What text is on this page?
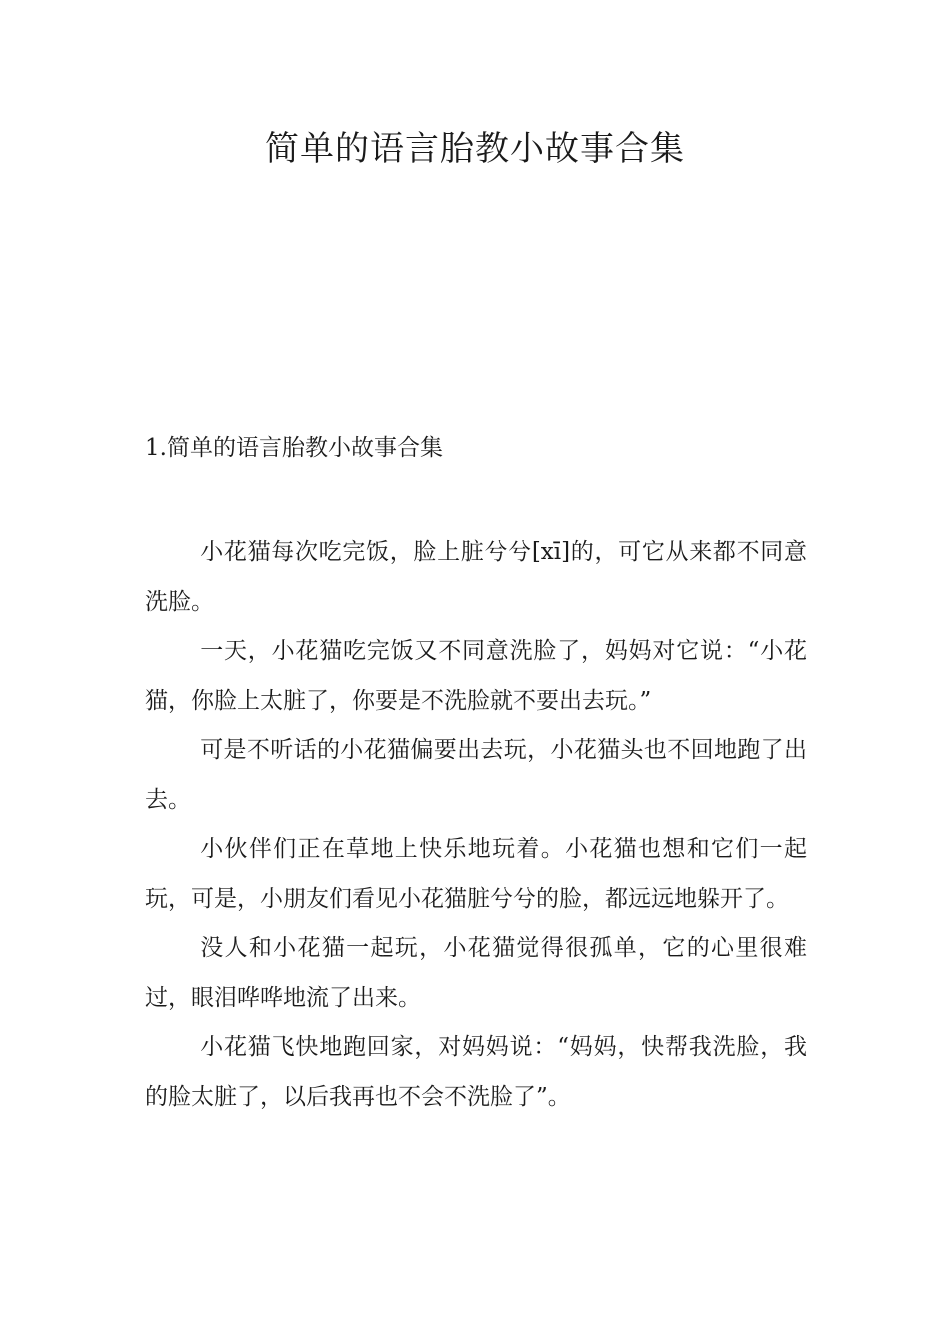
简单的语言胎教小故事合集
1.简单的语言胎教小故事合集

小花猫每次吃完饭，脸上脏兮兮[xī]的，可它从来都不同意洗脸。

一天，小花猫吃完饭又不同意洗脸了，妈妈对它说：“小花猫，你脸上太脏了，你要是不洗脸就不要出去玩。”

可是不听话的小花猫偏要出去玩，小花猫头也不回地跑了出去。

小伙伴们正在草地上快乐地玩着。小花猫也想和它们一起玩，可是，小朋友们看见小花猫脏兮兮的脸，都远远地躲开了。

没人和小花猫一起玩，小花猫觉得很孤单，它的心里很难过，眼泪哗哗地流了出来。

小花猫飞快地跑回家，对妈妈说：“妈妈，快帮我洗脸，我的脸太脏了，以后我再也不会不洗脸了”。
